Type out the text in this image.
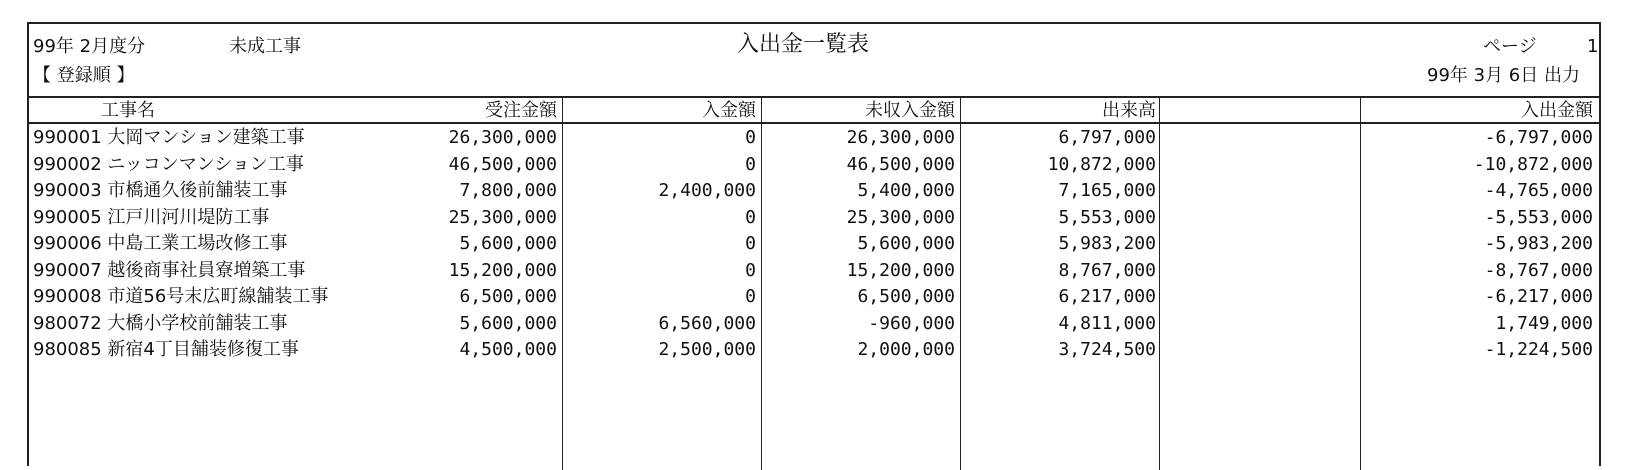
99年 2月度分	未成工事	入出金一覧表	ページ	1
【 登録順 】	99年 3月 6日 出力
工事名	受注金額	入金額	未収入金額	出来高	入出金額
990001 大岡マンション建築工事	26,300,000	0	26,300,000	6,797,000	-6,797,000
990002 ニッコンマンション工事	46,500,000	0	46,500,000	10,872,000	-10,872,000
990003 市橋通久後前舗装工事	7,800,000	2,400,000	5,400,000	7,165,000	-4,765,000
990005 江戸川河川堤防工事	25,300,000	0	25,300,000	5,553,000	-5,553,000
990006 中島工業工場改修工事	5,600,000	0	5,600,000	5,983,200	-5,983,200
990007 越後商事社員寮増築工事	15,200,000	0	15,200,000	8,767,000	-8,767,000
990008 市道56号末広町線舗装工事	6,500,000	0	6,500,000	6,217,000	-6,217,000
980072 大橋小学校前舗装工事	5,600,000	6,560,000	-960,000	4,811,000	1,749,000
980085 新宿4丁目舗装修復工事	4,500,000	2,500,000	2,000,000	3,724,500	-1,224,500
